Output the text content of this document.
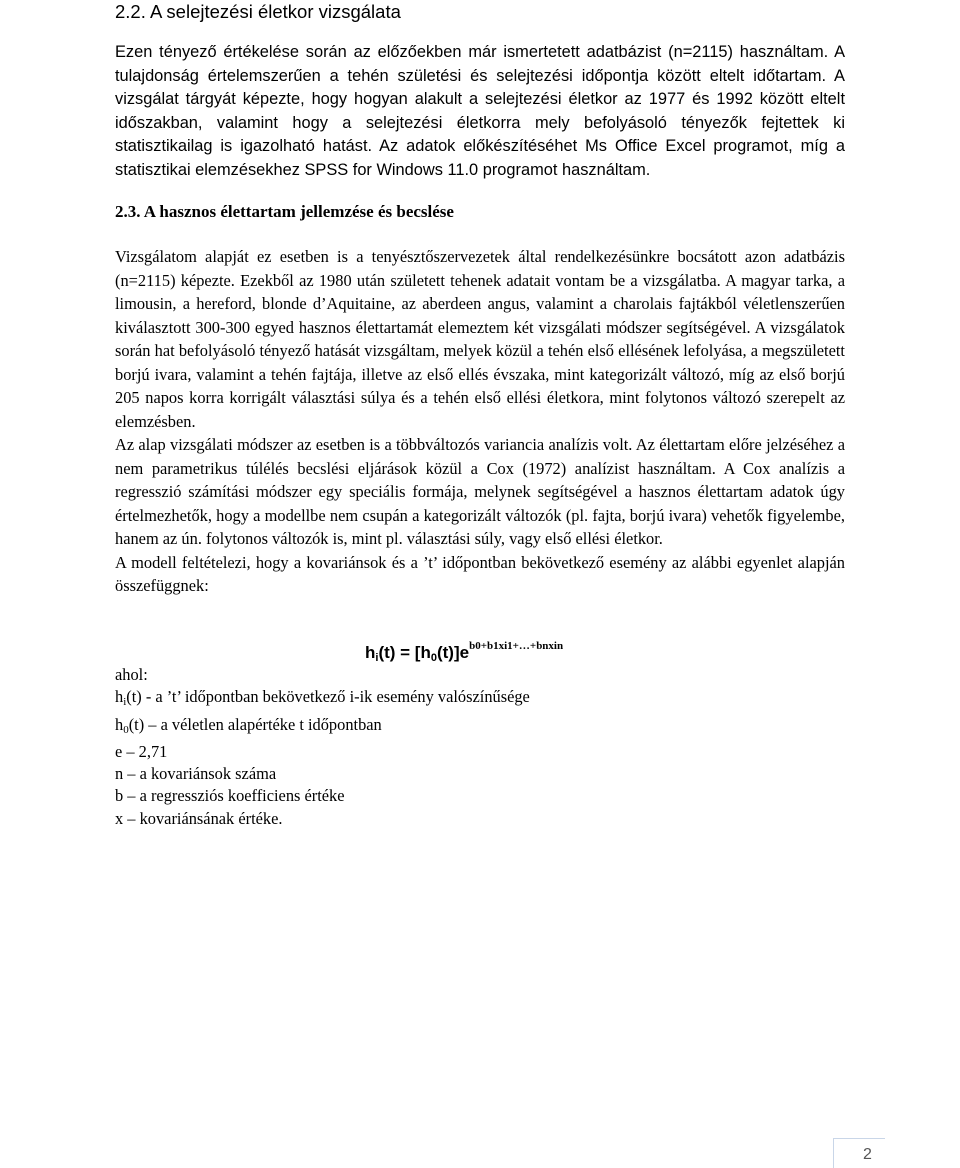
2.2. A selejtezési életkor vizsgálata
Ezen tényező értékelése során az előzőekben már ismertetett adatbázist (n=2115) használtam. A tulajdonság értelemszerűen a tehén születési és selejtezési időpontja között eltelt időtartam. A vizsgálat tárgyát képezte, hogy hogyan alakult a selejtezési életkor az 1977 és 1992 között eltelt időszakban, valamint hogy a selejtezési életkorra mely befolyásoló tényezők fejtettek ki statisztikailag is igazolható hatást. Az adatok előkészítéséhet Ms Office Excel programot, míg a statisztikai elemzésekhez SPSS for Windows 11.0 programot használtam.
2.3. A hasznos élettartam jellemzése és becslése
Vizsgálatom alapját ez esetben is a tenyésztőszervezetek által rendelkezésünkre bocsátott azon adatbázis (n=2115) képezte. Ezekből az 1980 után született tehenek adatait vontam be a vizsgálatba. A magyar tarka, a limousin, a hereford, blonde d’Aquitaine, az aberdeen angus, valamint a charolais fajtákból véletlenszerűen kiválasztott 300-300 egyed hasznos élettartamát elemeztem két vizsgálati módszer segítségével. A vizsgálatok során hat befolyásoló tényező hatását vizsgáltam, melyek közül a tehén első ellésének lefolyása, a megszületett borjú ivara, valamint a tehén fajtája, illetve az első ellés évszaka, mint kategorizált változó, míg az első borjú 205 napos korra korrigált választási súlya és a tehén első ellési életkora, mint folytonos változó szerepelt az elemzésben.
Az alap vizsgálati módszer az esetben is a többváltozós variancia analízis volt. Az élettartam előre jelzéséhez a nem parametrikus túlélés becslési eljárások közül a Cox (1972) analízist használtam. A Cox analízis a regresszió számítási módszer egy speciális formája, melynek segítségével a hasznos élettartam adatok úgy értelmezhetők, hogy a modellbe nem csupán a kategorizált változók (pl. fajta, borjú ivara) vehetők figyelembe, hanem az ún. folytonos változók is, mint pl. választási súly, vagy első ellési életkor.
A modell feltételezi, hogy a kovariánsok és a ’t’ időpontban bekövetkező esemény az alábbi egyenlet alapján összefüggnek:
$h_i(t) = [h_0(t)]e^{b0+b1xi1+\dots+bnxin}$
ahol:
$h_i(t)$ - a ’t’ időpontban bekövetkező i-ik esemény valószínűsége
$h_0(t)$ – a véletlen alapértéke t időpontban
e – 2,71
n – a kovariánsok száma
b – a regressziós koefficiens értéke
x – kovariánsának értéke.
2
